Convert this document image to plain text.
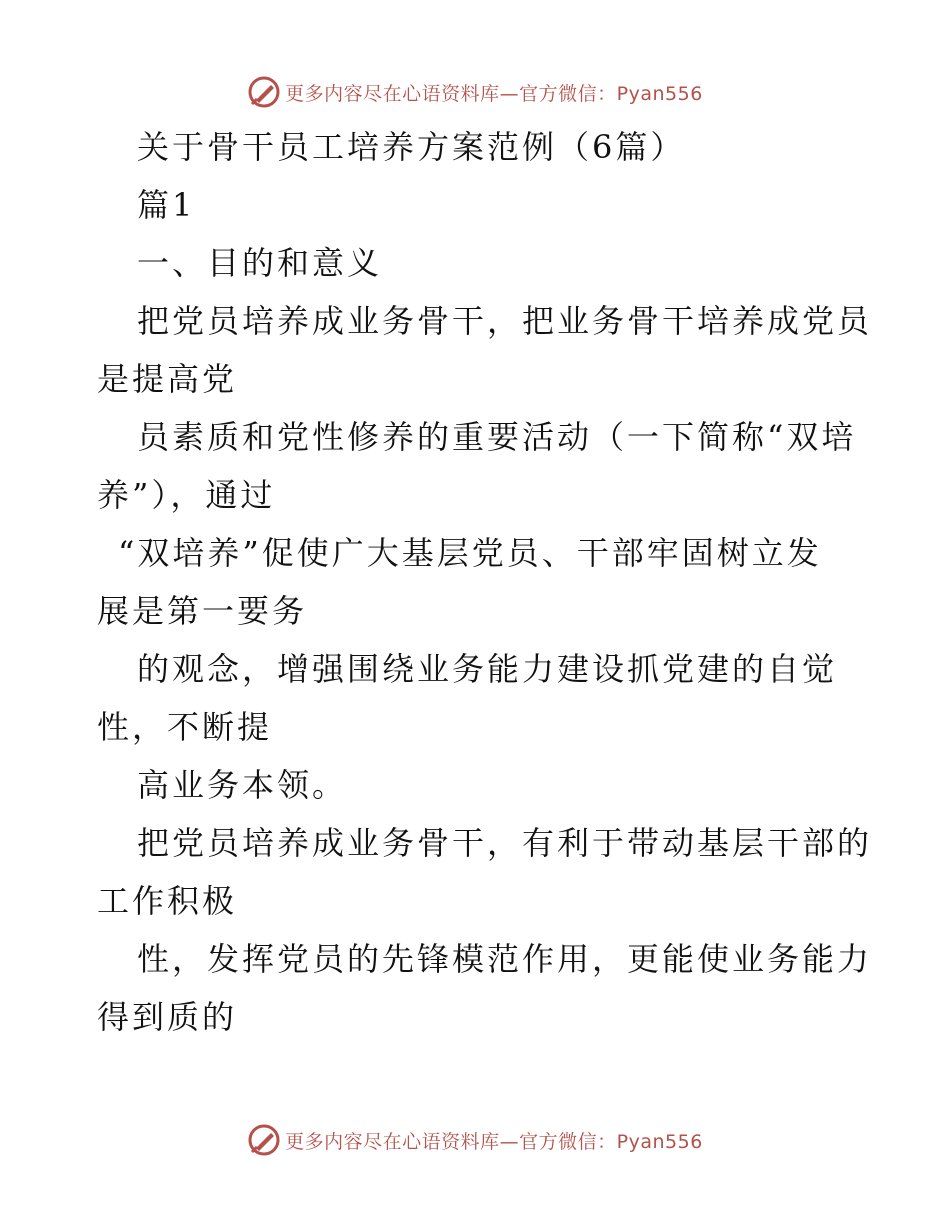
更多内容尽在心语资料库—官方微信：Pyan556
关于骨干员工培养方案范例（6篇）
篇1
一、目的和意义
把党员培养成业务骨干，把业务骨干培养成党员
是提高党
员素质和党性修养的重要活动（一下简称“双培
养”），通过
“双培养”促使广大基层党员、干部牢固树立发
展是第一要务
的观念，增强围绕业务能力建设抓党建的自觉
性，不断提
高业务本领。
把党员培养成业务骨干，有利于带动基层干部的
工作积极
性，发挥党员的先锋模范作用，更能使业务能力
得到质的
更多内容尽在心语资料库—官方微信：Pyan556
